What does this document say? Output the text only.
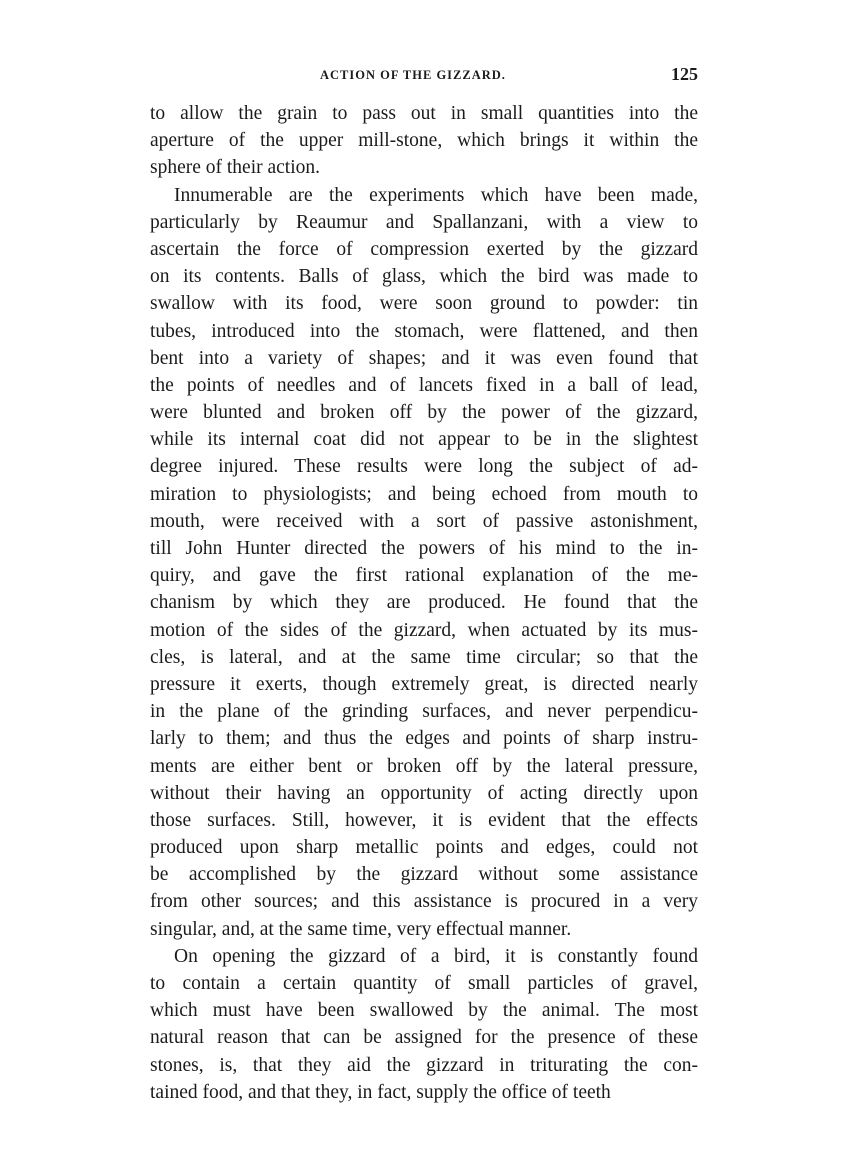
ACTION OF THE GIZZARD.	125
to allow the grain to pass out in small quantities into the
aperture of the upper mill-stone, which brings it within the
sphere of their action.
Innumerable are the experiments which have been made,
particularly by Reaumur and Spallanzani, with a view to
ascertain the force of compression exerted by the gizzard
on its contents. Balls of glass, which the bird was made to
swallow with its food, were soon ground to powder: tin
tubes, introduced into the stomach, were flattened, and then
bent into a variety of shapes; and it was even found that
the points of needles and of lancets fixed in a ball of lead,
were blunted and broken off by the power of the gizzard,
while its internal coat did not appear to be in the slightest
degree injured. These results were long the subject of ad-
miration to physiologists; and being echoed from mouth to
mouth, were received with a sort of passive astonishment,
till John Hunter directed the powers of his mind to the in-
quiry, and gave the first rational explanation of the me-
chanism by which they are produced. He found that the
motion of the sides of the gizzard, when actuated by its mus-
cles, is lateral, and at the same time circular; so that the
pressure it exerts, though extremely great, is directed nearly
in the plane of the grinding surfaces, and never perpendicu-
larly to them; and thus the edges and points of sharp instru-
ments are either bent or broken off by the lateral pressure,
without their having an opportunity of acting directly upon
those surfaces. Still, however, it is evident that the effects
produced upon sharp metallic points and edges, could not
be accomplished by the gizzard without some assistance
from other sources; and this assistance is procured in a very
singular, and, at the same time, very effectual manner.
On opening the gizzard of a bird, it is constantly found
to contain a certain quantity of small particles of gravel,
which must have been swallowed by the animal. The most
natural reason that can be assigned for the presence of these
stones, is, that they aid the gizzard in triturating the con-
tained food, and that they, in fact, supply the office of teeth
